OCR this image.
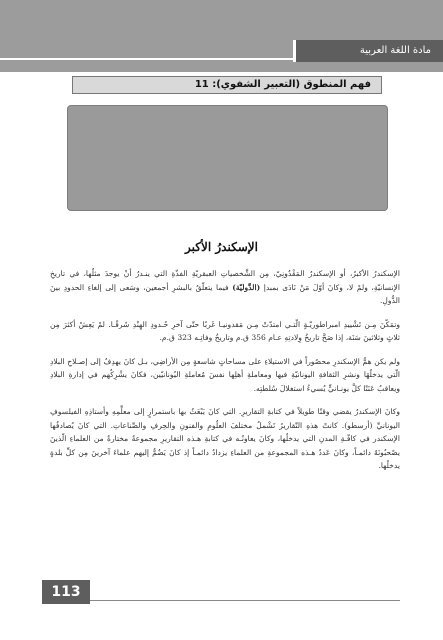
مادة اللغة العربية
فهم المنطوق (التعبير الشفوي): 11
الإسكندرُ الأكبر

الإسكندرُ الأكبرُ، أو الإسكندرُ المَقْدُونِيّ، مِن الشَّخصياتِ العبقريّةِ الفذّةِ التي ينـدرُ أنْ يوجدَ مثلُها، في تاريخِ الإنسانيّةِ، ولمْ لا، وكانَ أوّلَ مَنْ نَادَى بمبدإ (الدَّوليّة) فيما يتعلّقُ بالبشرِ أجمعين، وسَعى إلى إلغاءِ الحدودِ بينَ الدُّولِ.

وتمَكّنَ مِـن تَشْييدِ امبراطوريّـةٍ الّتـي امتدّتْ مِـن مَقدونيـا غَربًا حتّى آخرِ حُـدودِ الهِنْدِ شَرقًـا. لمْ يَعِشْ أكثرَ مِن ثلاثٍ وثلاثينَ سَنَة، إذا صَحَّ تاريخُ وِلادتِهِ عـام 356 ق.م وتاريخُ وفاتِـه 323 ق.م.

ولم يكن همُّ الإسكندرِ محصُوراً في الاستيلاءِ على مساحاتٍ شاسعةٍ مِن الأراضِي، بـل كانَ يهدِفُ إلى إصـلاحِ البلادِ الّتي يدخلُهَا ونشرِ الثقافةِ اليونانيّةِ فيها ومعاملةِ أهلِها نفسَ مُعاملةِ اليُونانيّين، فكانَ يشْرِكُهم في إدارةِ البلادِ ويعاقبُ عَنَتًا كلَّ يونـانيٍّ يُسيءُ استغلالَ سُلطتِه.

وكانَ الإسكندرُ يقضي وقتًا طويلاً في كتابةِ التقاريرِ. التي كانَ يَبْعَثُ بها باستمرارٍ إلى معلِّمِهِ وأستاذِهِ الفيلسوفِ اليونانيِّ (أرسطو). كانتْ هذهِ التّقاريرُ تَشْملُ مختلفَ العلُومِ والفنونِ والحِرفِ والصِّناعاتِ. التي كانَ يُصادفُها الإسكندر في كافّـةِ المدنِ التي يدخلُها، وكانَ يعاونُـه في كتابةِ هـذه التقاريرِ مجموعةٌ مختارةٌ من العلماءِ الّذينَ يصْحبُونَهُ دائمـاً، وكانَ عَددُ هـذه المجموعةِ من العلماءِ يزدادُ دائمـاً إذ كانَ يَضُمُّ إليهم علماءَ آخرينَ مِن كلِّ بلدةٍ يدخلُها.

113
